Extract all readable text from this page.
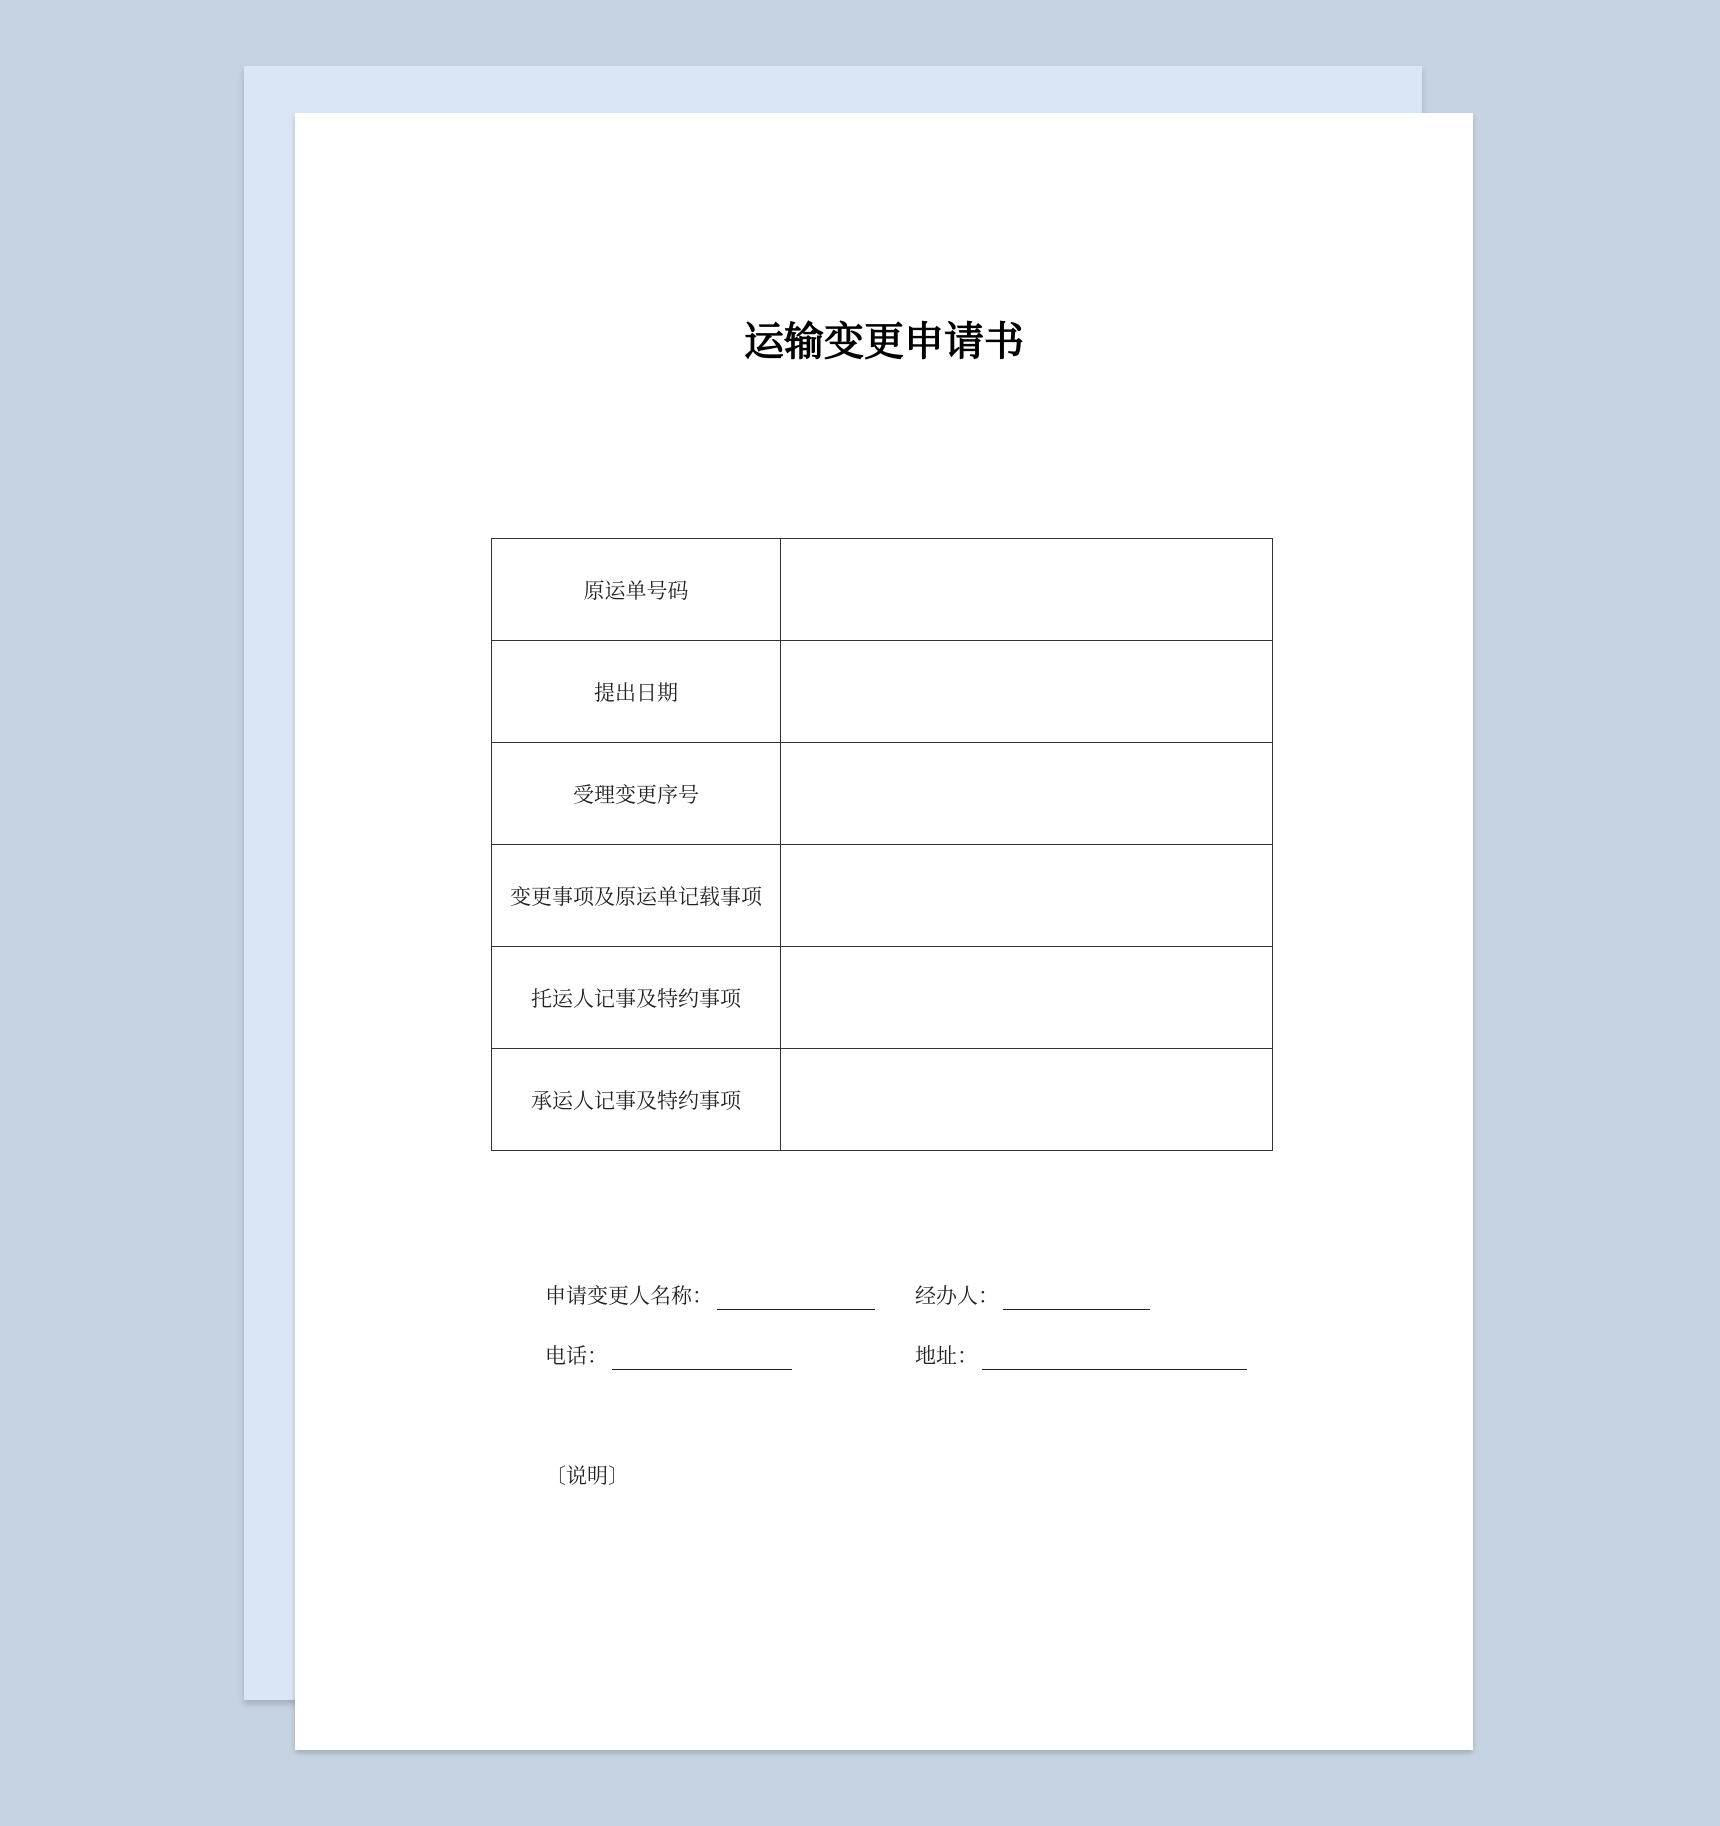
运输变更申请书
原运单号码	
提出日期	
受理变更序号	
变更事项及原运单记载事项	
托运人记事及特约事项	
承运人记事及特约事项	
申请变更人名称：	经办人：
电话：	地址：
〔说明〕
